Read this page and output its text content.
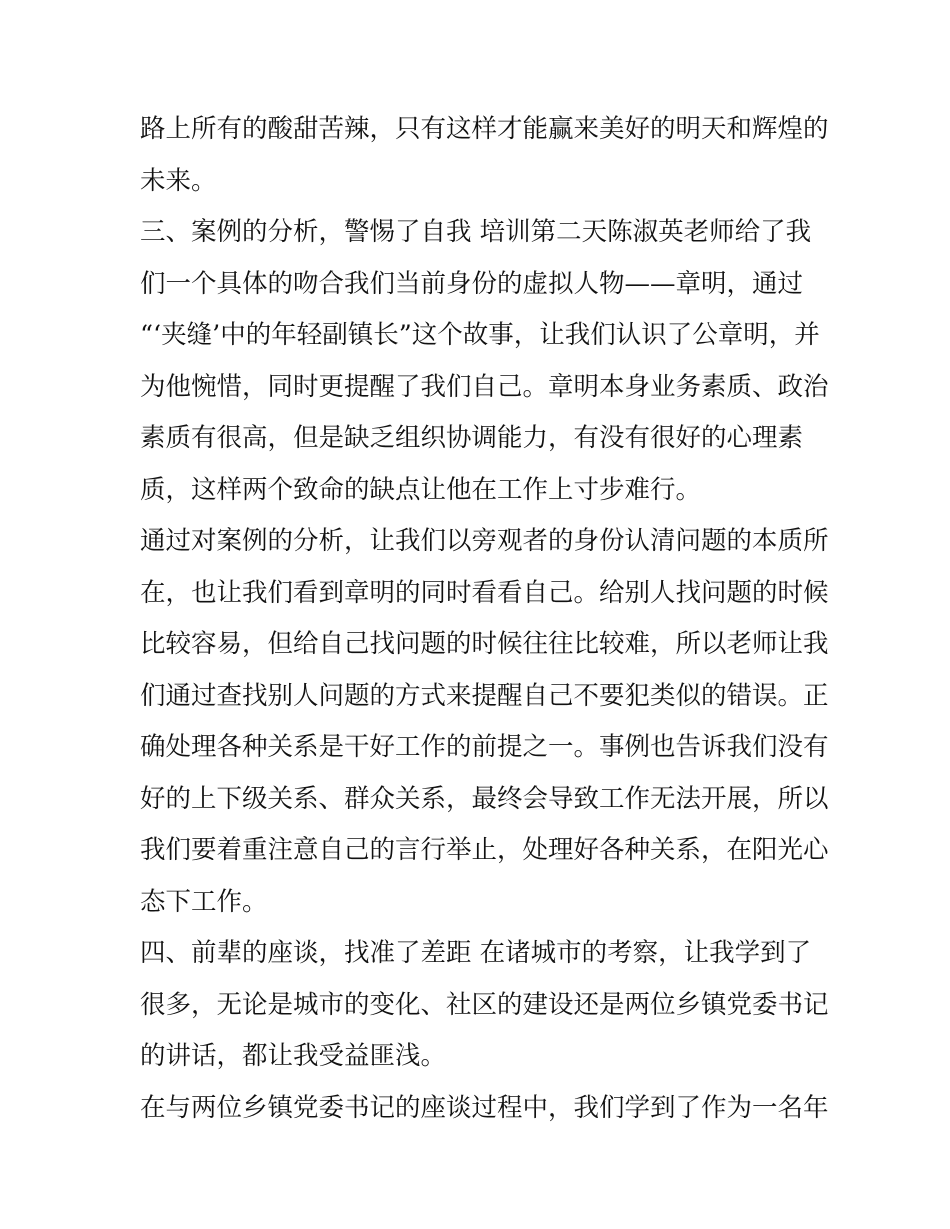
路上所有的酸甜苦辣，只有这样才能赢来美好的明天和辉煌的
未来。
三、案例的分析，警惕了自我 培训第二天陈淑英老师给了我
们一个具体的吻合我们当前身份的虚拟人物——章明，通过
“‘夹缝’中的年轻副镇长”这个故事，让我们认识了公章明，并
为他惋惜，同时更提醒了我们自己。章明本身业务素质、政治
素质有很高，但是缺乏组织协调能力，有没有很好的心理素
质，这样两个致命的缺点让他在工作上寸步难行。
通过对案例的分析，让我们以旁观者的身份认清问题的本质所
在，也让我们看到章明的同时看看自己。给别人找问题的时候
比较容易，但给自己找问题的时候往往比较难，所以老师让我
们通过查找别人问题的方式来提醒自己不要犯类似的错误。正
确处理各种关系是干好工作的前提之一。事例也告诉我们没有
好的上下级关系、群众关系，最终会导致工作无法开展，所以
我们要着重注意自己的言行举止，处理好各种关系，在阳光心
态下工作。
四、前辈的座谈，找准了差距 在诸城市的考察，让我学到了
很多，无论是城市的变化、社区的建设还是两位乡镇党委书记
的讲话，都让我受益匪浅。
在与两位乡镇党委书记的座谈过程中，我们学到了作为一名年
